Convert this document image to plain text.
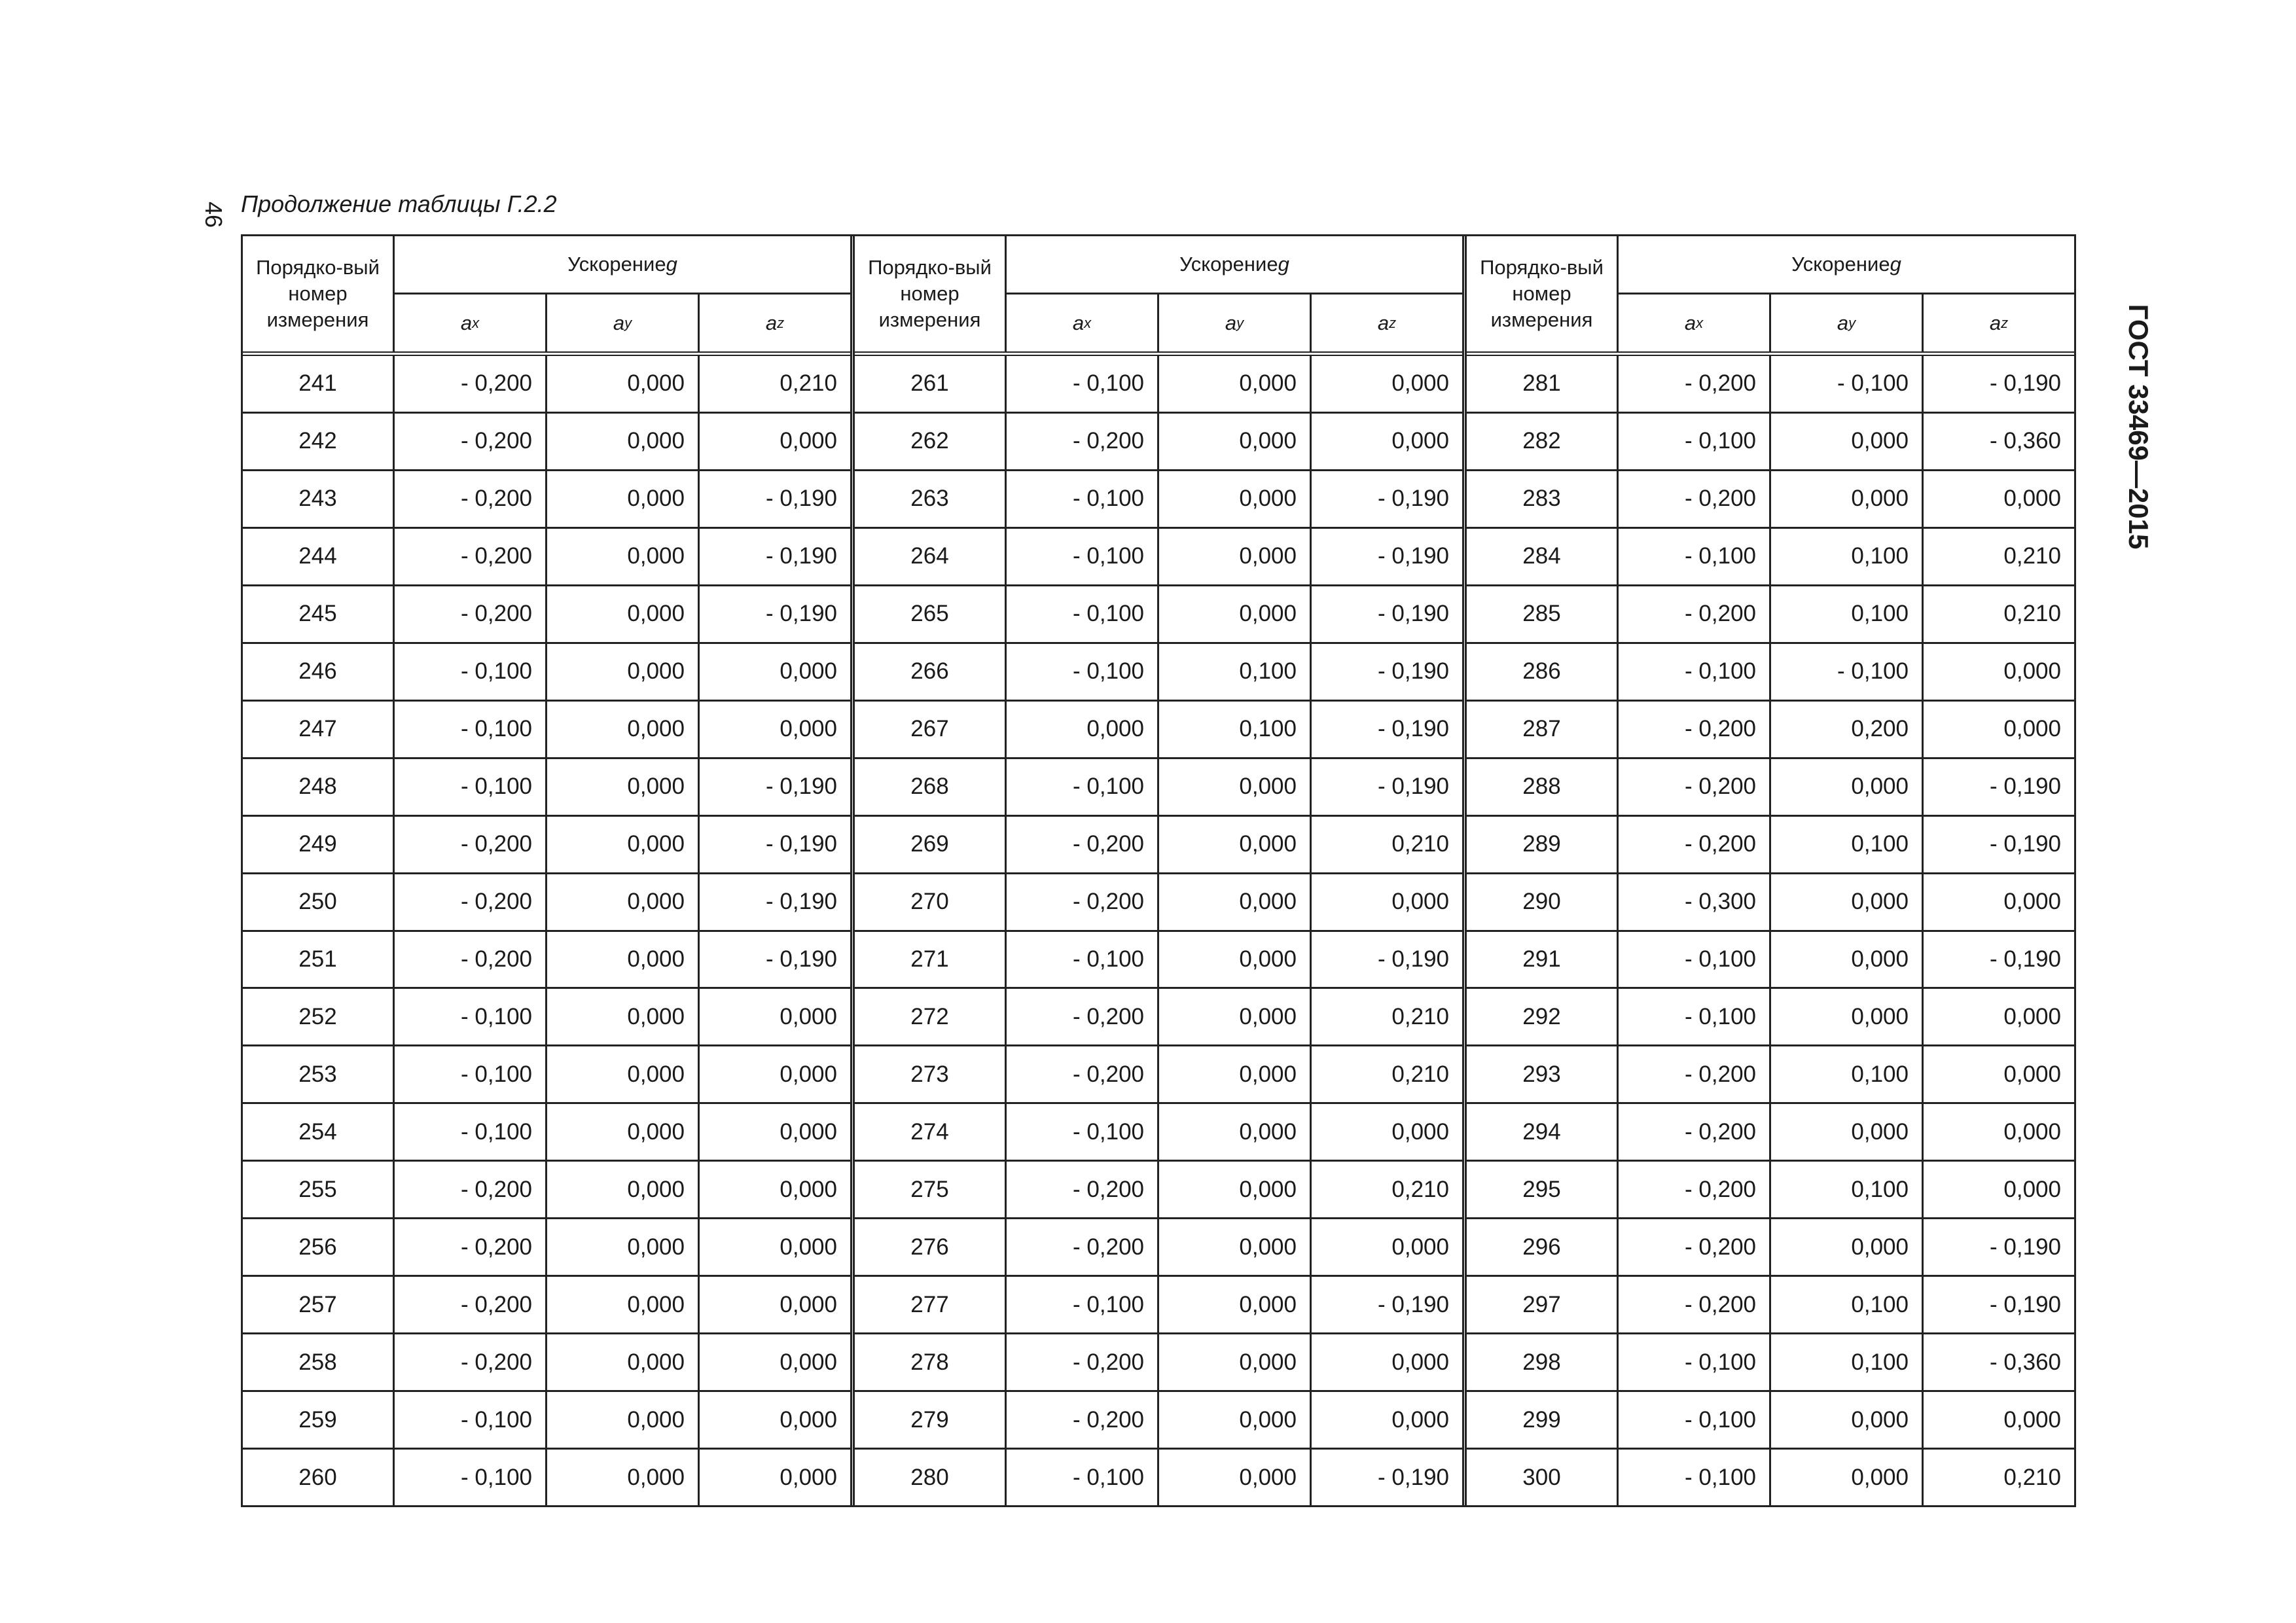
46
ГОСТ 33469—2015
Продолжение таблицы Г.2.2
Порядко-вый номер измерения
Ускорение g
a x	a y	a z
241	- 0,200	0,000	0,210
242	- 0,200	0,000	0,000
243	- 0,200	0,000	- 0,190
244	- 0,200	0,000	- 0,190
245	- 0,200	0,000	- 0,190
246	- 0,100	0,000	0,000
247	- 0,100	0,000	0,000
248	- 0,100	0,000	- 0,190
249	- 0,200	0,000	- 0,190
250	- 0,200	0,000	- 0,190
251	- 0,200	0,000	- 0,190
252	- 0,100	0,000	0,000
253	- 0,100	0,000	0,000
254	- 0,100	0,000	0,000
255	- 0,200	0,000	0,000
256	- 0,200	0,000	0,000
257	- 0,200	0,000	0,000
258	- 0,200	0,000	0,000
259	- 0,100	0,000	0,000
260	- 0,100	0,000	0,000
Порядко-вый номер измерения
Ускорение g
a x	a y	a z
261	- 0,100	0,000	0,000
262	- 0,200	0,000	0,000
263	- 0,100	0,000	- 0,190
264	- 0,100	0,000	- 0,190
265	- 0,100	0,000	- 0,190
266	- 0,100	0,100	- 0,190
267	0,000	0,100	- 0,190
268	- 0,100	0,000	- 0,190
269	- 0,200	0,000	0,210
270	- 0,200	0,000	0,000
271	- 0,100	0,000	- 0,190
272	- 0,200	0,000	0,210
273	- 0,200	0,000	0,210
274	- 0,100	0,000	0,000
275	- 0,200	0,000	0,210
276	- 0,200	0,000	0,000
277	- 0,100	0,000	- 0,190
278	- 0,200	0,000	0,000
279	- 0,200	0,000	0,000
280	- 0,100	0,000	- 0,190
Порядко-вый номер измерения
Ускорение g
a x	a y	a z
281	- 0,200	- 0,100	- 0,190
282	- 0,100	0,000	- 0,360
283	- 0,200	0,000	0,000
284	- 0,100	0,100	0,210
285	- 0,200	0,100	0,210
286	- 0,100	- 0,100	0,000
287	- 0,200	0,200	0,000
288	- 0,200	0,000	- 0,190
289	- 0,200	0,100	- 0,190
290	- 0,300	0,000	0,000
291	- 0,100	0,000	- 0,190
292	- 0,100	0,000	0,000
293	- 0,200	0,100	0,000
294	- 0,200	0,000	0,000
295	- 0,200	0,100	0,000
296	- 0,200	0,000	- 0,190
297	- 0,200	0,100	- 0,190
298	- 0,100	0,100	- 0,360
299	- 0,100	0,000	0,000
300	- 0,100	0,000	0,210
